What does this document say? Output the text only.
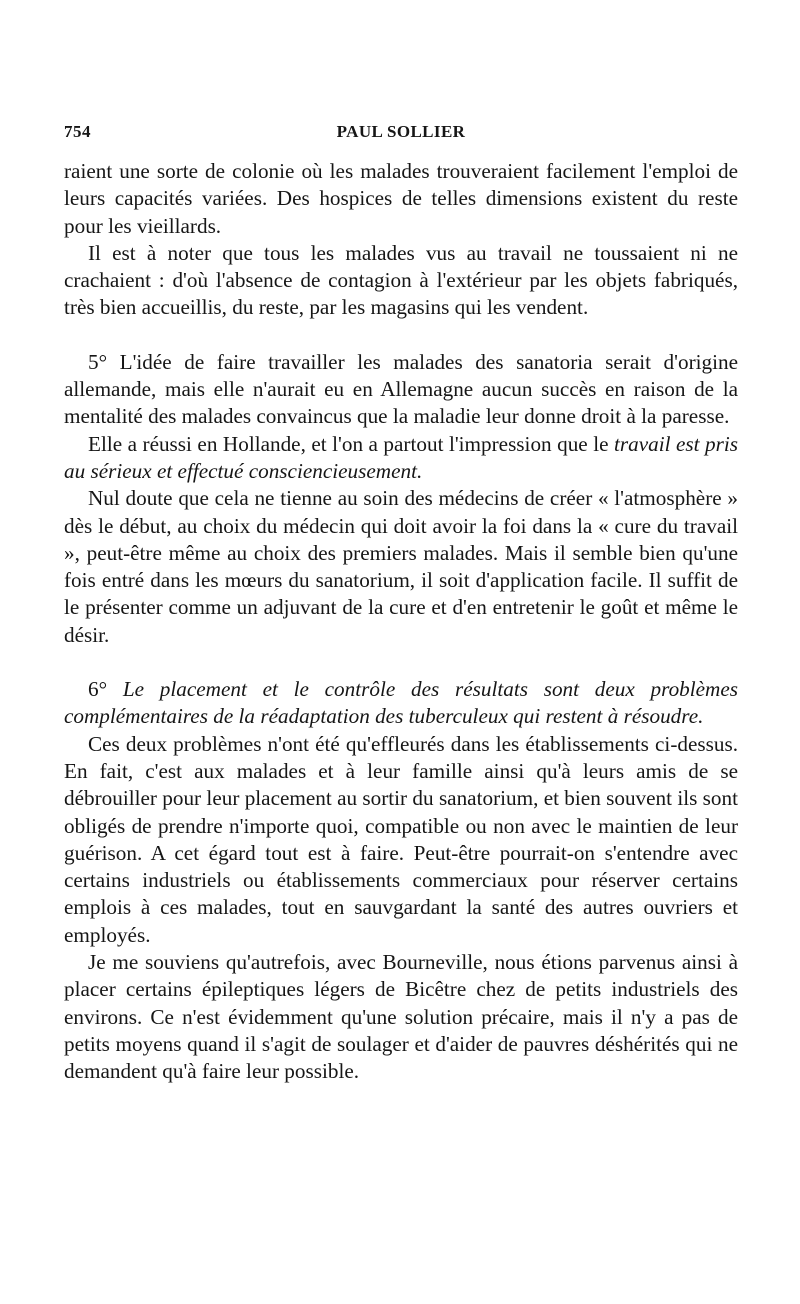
754	PAUL SOLLIER

raient une sorte de colonie où les malades trouveraient facilement l'emploi de leurs capacités variées. Des hospices de telles dimensions existent du reste pour les vieillards.

Il est à noter que tous les malades vus au travail ne toussaient ni ne crachaient : d'où l'absence de contagion à l'extérieur par les objets fabriqués, très bien accueillis, du reste, par les magasins qui les vendent.

5° L'idée de faire travailler les malades des sanatoria serait d'origine allemande, mais elle n'aurait eu en Allemagne aucun succès en raison de la mentalité des malades convaincus que la maladie leur donne droit à la paresse.

Elle a réussi en Hollande, et l'on a partout l'impression que le travail est pris au sérieux et effectué consciencieusement.

Nul doute que cela ne tienne au soin des médecins de créer « l'atmosphère » dès le début, au choix du médecin qui doit avoir la foi dans la « cure du travail », peut-être même au choix des premiers malades. Mais il semble bien qu'une fois entré dans les mœurs du sanatorium, il soit d'application facile. Il suffit de le présenter comme un adjuvant de la cure et d'en entretenir le goût et même le désir.

6° Le placement et le contrôle des résultats sont deux problèmes complémentaires de la réadaptation des tuberculeux qui restent à résoudre.

Ces deux problèmes n'ont été qu'effleurés dans les établissements ci-dessus. En fait, c'est aux malades et à leur famille ainsi qu'à leurs amis de se débrouiller pour leur placement au sortir du sanatorium, et bien souvent ils sont obligés de prendre n'importe quoi, compatible ou non avec le maintien de leur guérison. A cet égard tout est à faire. Peut-être pourrait-on s'entendre avec certains industriels ou établissements commerciaux pour réserver certains emplois à ces malades, tout en sauvgardant la santé des autres ouvriers et employés.

Je me souviens qu'autrefois, avec Bourneville, nous étions parvenus ainsi à placer certains épileptiques légers de Bicêtre chez de petits industriels des environs. Ce n'est évidemment qu'une solution précaire, mais il n'y a pas de petits moyens quand il s'agit de soulager et d'aider de pauvres déshérités qui ne demandent qu'à faire leur possible.
